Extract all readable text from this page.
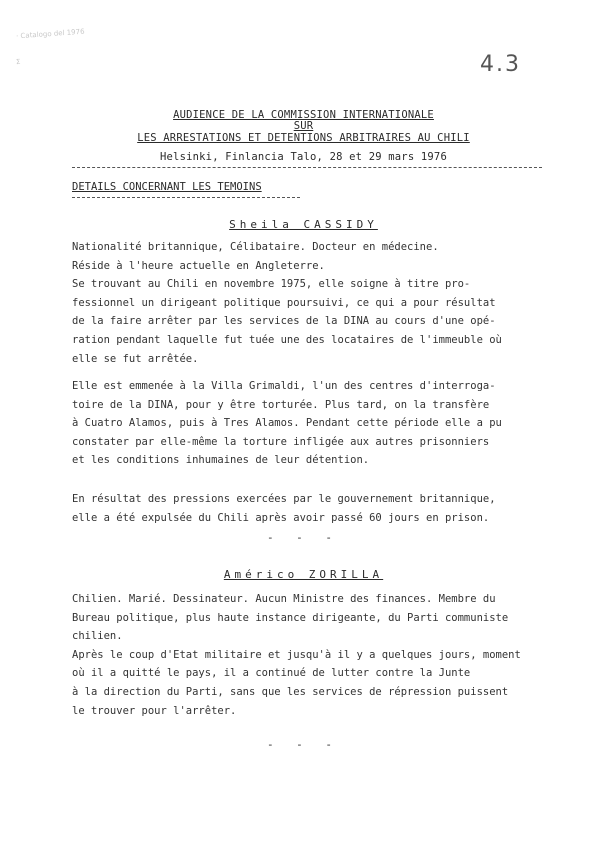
· Catalogo del 1976
Σ	4.3
AUDIENCE DE LA COMMISSION INTERNATIONALE
SUR
LES ARRESTATIONS ET DETENTIONS ARBITRAIRES AU CHILI
Helsinki, Finlancia Talo, 28 et 29 mars 1976
DETAILS CONCERNANT LES TEMOINS
Sheila CASSIDY
Nationalité britannique, Célibataire. Docteur en médecine.
Réside à l'heure actuelle en Angleterre.
Se trouvant au Chili en novembre 1975, elle soigne à titre pro-
fessionnel un dirigeant politique poursuivi, ce qui a pour résultat
de la faire arrêter par les services de la DINA au cours d'une opé-
ration pendant laquelle fut tuée une des locataires de l'immeuble où
elle se fut arrêtée.
Elle est emmenée à la Villa Grimaldi, l'un des centres d'interroga-
toire de la DINA, pour y être torturée. Plus tard, on la transfère
à Cuatro Alamos, puis à Tres Alamos. Pendant cette période elle a pu
constater par elle-même la torture infligée aux autres prisonniers
et les conditions inhumaines de leur détention.
En résultat des pressions exercées par le gouvernement britannique,
elle a été expulsée du Chili après avoir passé 60 jours en prison.
- - -
Américo ZORILLA
Chilien. Marié. Dessinateur. Aucun Ministre des finances. Membre du
Bureau politique, plus haute instance dirigeante, du Parti communiste
chilien.
Après le coup d'Etat militaire et jusqu'à il y a quelques jours, moment
où il a quitté le pays, il a continué de lutter contre la Junte
à la direction du Parti, sans que les services de répression puissent
le trouver pour l'arrêter.
- - -
